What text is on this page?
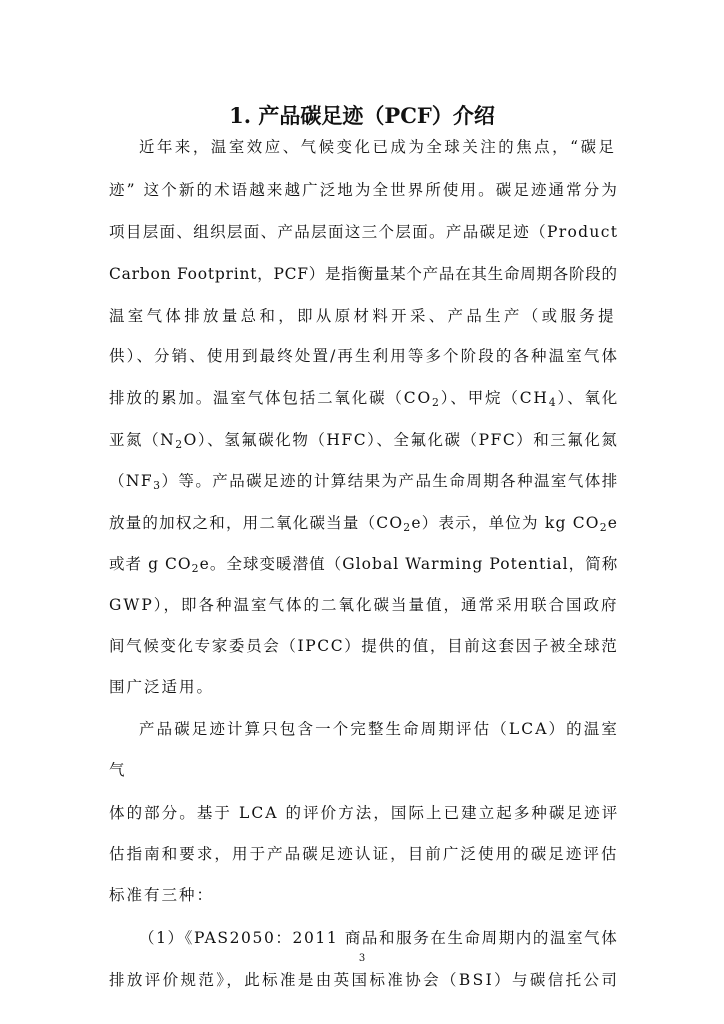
1. 产品碳足迹（PCF）介绍
近年来，温室效应、气候变化已成为全球关注的焦点，“碳足
迹” 这个新的术语越来越广泛地为全世界所使用。碳足迹通常分为
项目层面、组织层面、产品层面这三个层面。产品碳足迹（Product
Carbon Footprint，PCF）是指衡量某个产品在其生命周期各阶段的
温室气体排放量总和，即从原材料开采、产品生产（或服务提
供）、分销、使用到最终处置/再生利用等多个阶段的各种温室气体
排放的累加。温室气体包括二氧化碳$(CO_2)$、甲烷$(CH_4)$、氧化
亚氮$(N_2O)$、氢氟碳化物（HFC）、全氟化碳（PFC）和三氟化氮
$(NF_3)$等。产品碳足迹的计算结果为产品生命周期各种温室气体排
放量的加权之和，用二氧化碳当量$(CO_2e)$表示，单位为 kg $CO_2e$
或者 g $CO_2e$。全球变暖潜值（Global Warming Potential，简称
GWP），即各种温室气体的二氧化碳当量值，通常采用联合国政府
间气候变化专家委员会（IPCC）提供的值，目前这套因子被全球范
围广泛适用。
产品碳足迹计算只包含一个完整生命周期评估（LCA）的温室
气
体的部分。基于 LCA 的评价方法，国际上已建立起多种碳足迹评
估指南和要求，用于产品碳足迹认证，目前广泛使用的碳足迹评估
标准有三种：
（1）《PAS2050：2011 商品和服务在生命周期内的温室气体
排放评价规范》，此标准是由英国标准协会（BSI）与碳信托公司
3
